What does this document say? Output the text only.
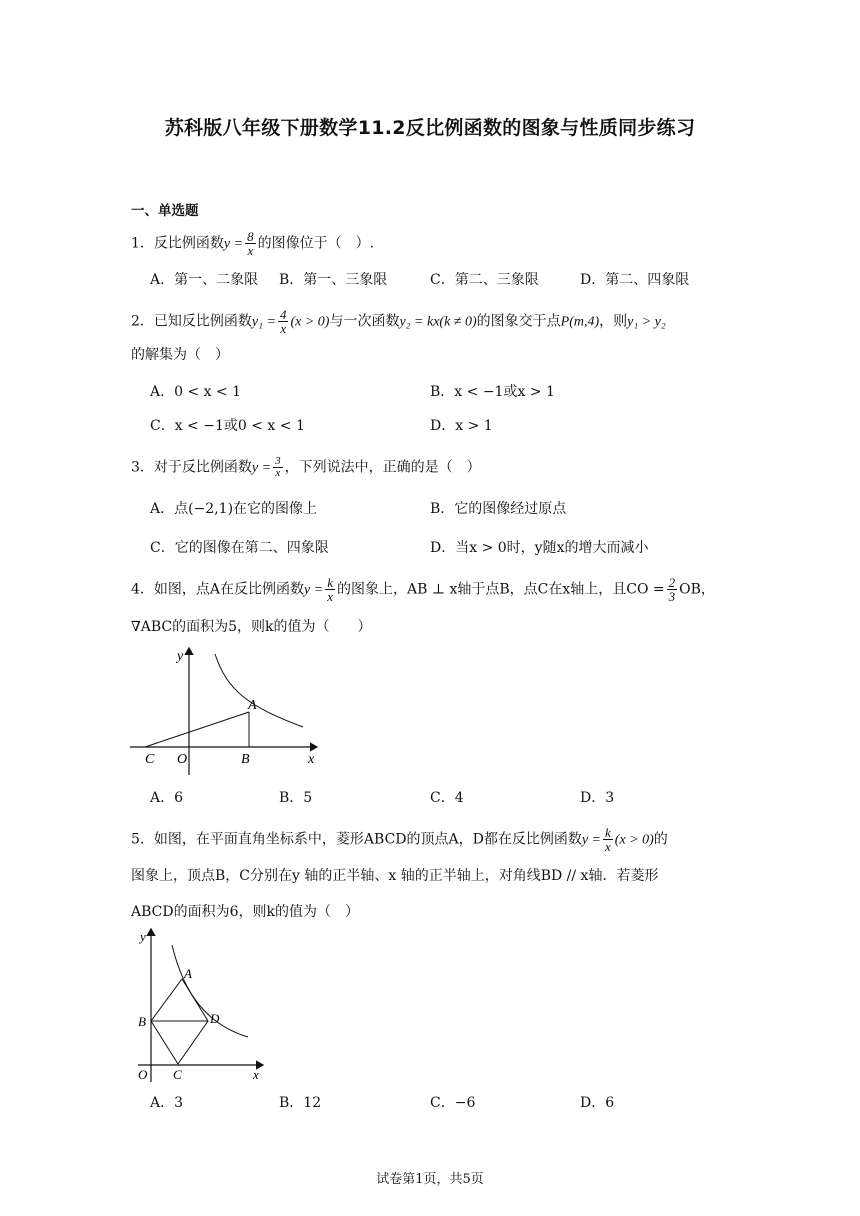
苏科版八年级下册数学11.2反比例函数的图象与性质同步练习
一、单选题
1．反比例函数$y = \frac{8}{x}$ 的图像位于（　）.
A．第一、二象限 B．第一、三象限	C．第二、三象限	D．第二、四象限
2．已知反比例函数$y_1 = \frac{4}{x} (x > 0)$与一次函数y₂ = kx(k ≠ 0)的图象交于点P(m,4)，则y₁ > y₂
的解集为（　）
A．0 < x < 1	B．x < −1或x > 1
C．x < −1或0 < x < 1	D．x > 1
3．对于反比例函数$y = \frac{3}{x}$ ，下列说法中，正确的是（　）
A．点(−2,1)在它的图像上	B．它的图像经过原点
C．它的图像在第二、四象限	D．当x > 0时，y随x的增大而减小
4．如图，点A在反比例函数$y = \frac{k}{x}$ 的图象上，AB ⊥ x轴于点B，点C在x轴上，且CO = $\frac{2}{3}$ OB，
∇ABC的面积为5，则k的值为（　　）
y
x
A
B
C O
A．6	B．5	C．4	D．3
5．如图，在平面直角坐标系中，菱形ABCD的顶点A，D都在反比例函数$y = \frac{k}{x} (x > 0)$的
图象上，顶点B，C分别在y 轴的正半轴、x 轴的正半轴上，对角线BD // x轴．若菱形
ABCD的面积为6，则k的值为（　）
y
x
A
B
C
D
O
A．3	B．12	C．−6	D．6
试卷第1页，共5页
